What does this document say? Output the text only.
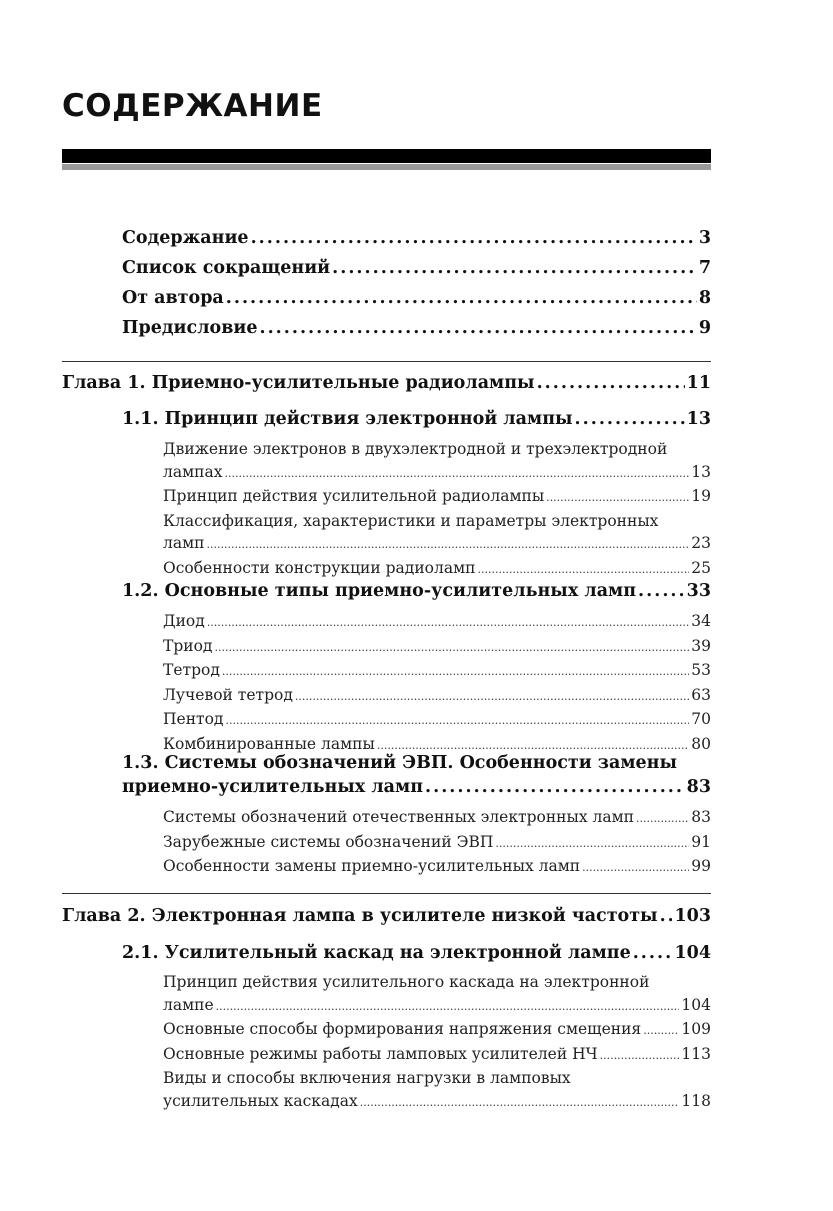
СОДЕРЖАНИЕ
Содержание .....	3
Список сокращений .....	7
От автора .....	8
Предисловие .....	9
Глава 1. Приемно-усилительные радиолампы .....	11
1.1. Принцип действия электронной лампы .....	13
Движение электронов в двухэлектродной и трехэлектродной
лампах .....	13
Принцип действия усилительной радиолампы .....	19
Классификация, характеристики и параметры электронных
ламп .....	23
Особенности конструкции радиоламп .....	25
1.2. Основные типы приемно-усилительных ламп .....	33
Диод .....	34
Триод .....	39
Тетрод .....	53
Лучевой тетрод .....	63
Пентод .....	70
Комбинированные лампы .....	80
1.3. Системы обозначений ЭВП. Особенности замены
приемно-усилительных ламп .....	83
Системы обозначений отечественных электронных ламп .....	83
Зарубежные системы обозначений ЭВП .....	91
Особенности замены приемно-усилительных ламп .....	99
Глава 2. Электронная лампа в усилителе низкой частоты ..... 103
2.1. Усилительный каскад на электронной лампе .....	104
Принцип действия усилительного каскада на электронной
лампе .....	104
Основные способы формирования напряжения смещения .....	109
Основные режимы работы ламповых усилителей НЧ .....	113
Виды и способы включения нагрузки в ламповых
усилительных каскадах .....	118
